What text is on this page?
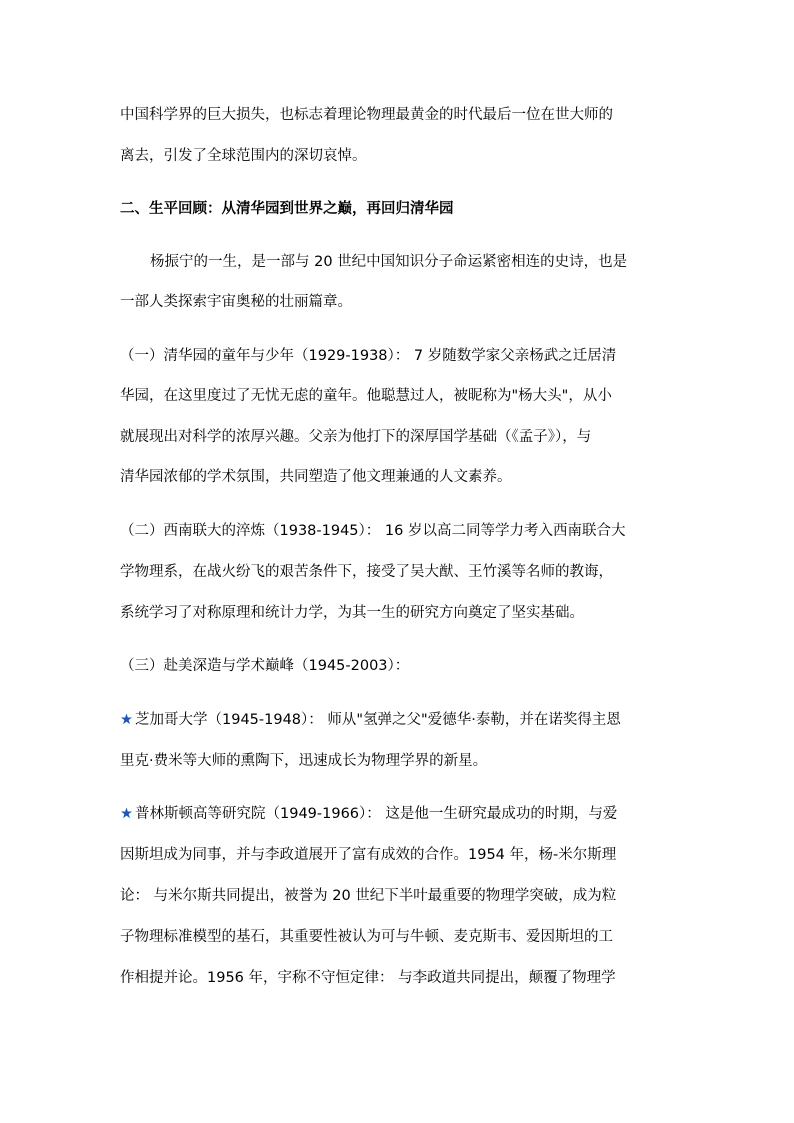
中国科学界的巨大损失，也标志着理论物理最黄金的时代最后一位在世大师的
离去，引发了全球范围内的深切哀悼。
二、生平回顾：从清华园到世界之巅，再回归清华园
杨振宁的一生，是一部与 20 世纪中国知识分子命运紧密相连的史诗，也是
一部人类探索宇宙奥秘的壮丽篇章。
（一）清华园的童年与少年（1929-1938）： 7 岁随数学家父亲杨武之迁居清
华园，在这里度过了无忧无虑的童年。他聪慧过人，被昵称为"杨大头"，从小
就展现出对科学的浓厚兴趣。父亲为他打下的深厚国学基础（《孟子》），与
清华园浓郁的学术氛围，共同塑造了他文理兼通的人文素养。
（二）西南联大的淬炼（1938-1945）： 16 岁以高二同等学力考入西南联合大
学物理系，在战火纷飞的艰苦条件下，接受了吴大猷、王竹溪等名师的教诲，
系统学习了对称原理和统计力学，为其一生的研究方向奠定了坚实基础。
（三）赴美深造与学术巅峰（1945-2003）：
★ 芝加哥大学（1945-1948）： 师从"氢弹之父"爱德华·泰勒，并在诺奖得主恩
里克·费米等大师的熏陶下，迅速成长为物理学界的新星。
★ 普林斯顿高等研究院（1949-1966）： 这是他一生研究最成功的时期，与爱
因斯坦成为同事，并与李政道展开了富有成效的合作。1954 年，杨-米尔斯理
论： 与米尔斯共同提出，被誉为 20 世纪下半叶最重要的物理学突破，成为粒
子物理标准模型的基石，其重要性被认为可与牛顿、麦克斯韦、爱因斯坦的工
作相提并论。1956 年，宇称不守恒定律： 与李政道共同提出，颠覆了物理学
